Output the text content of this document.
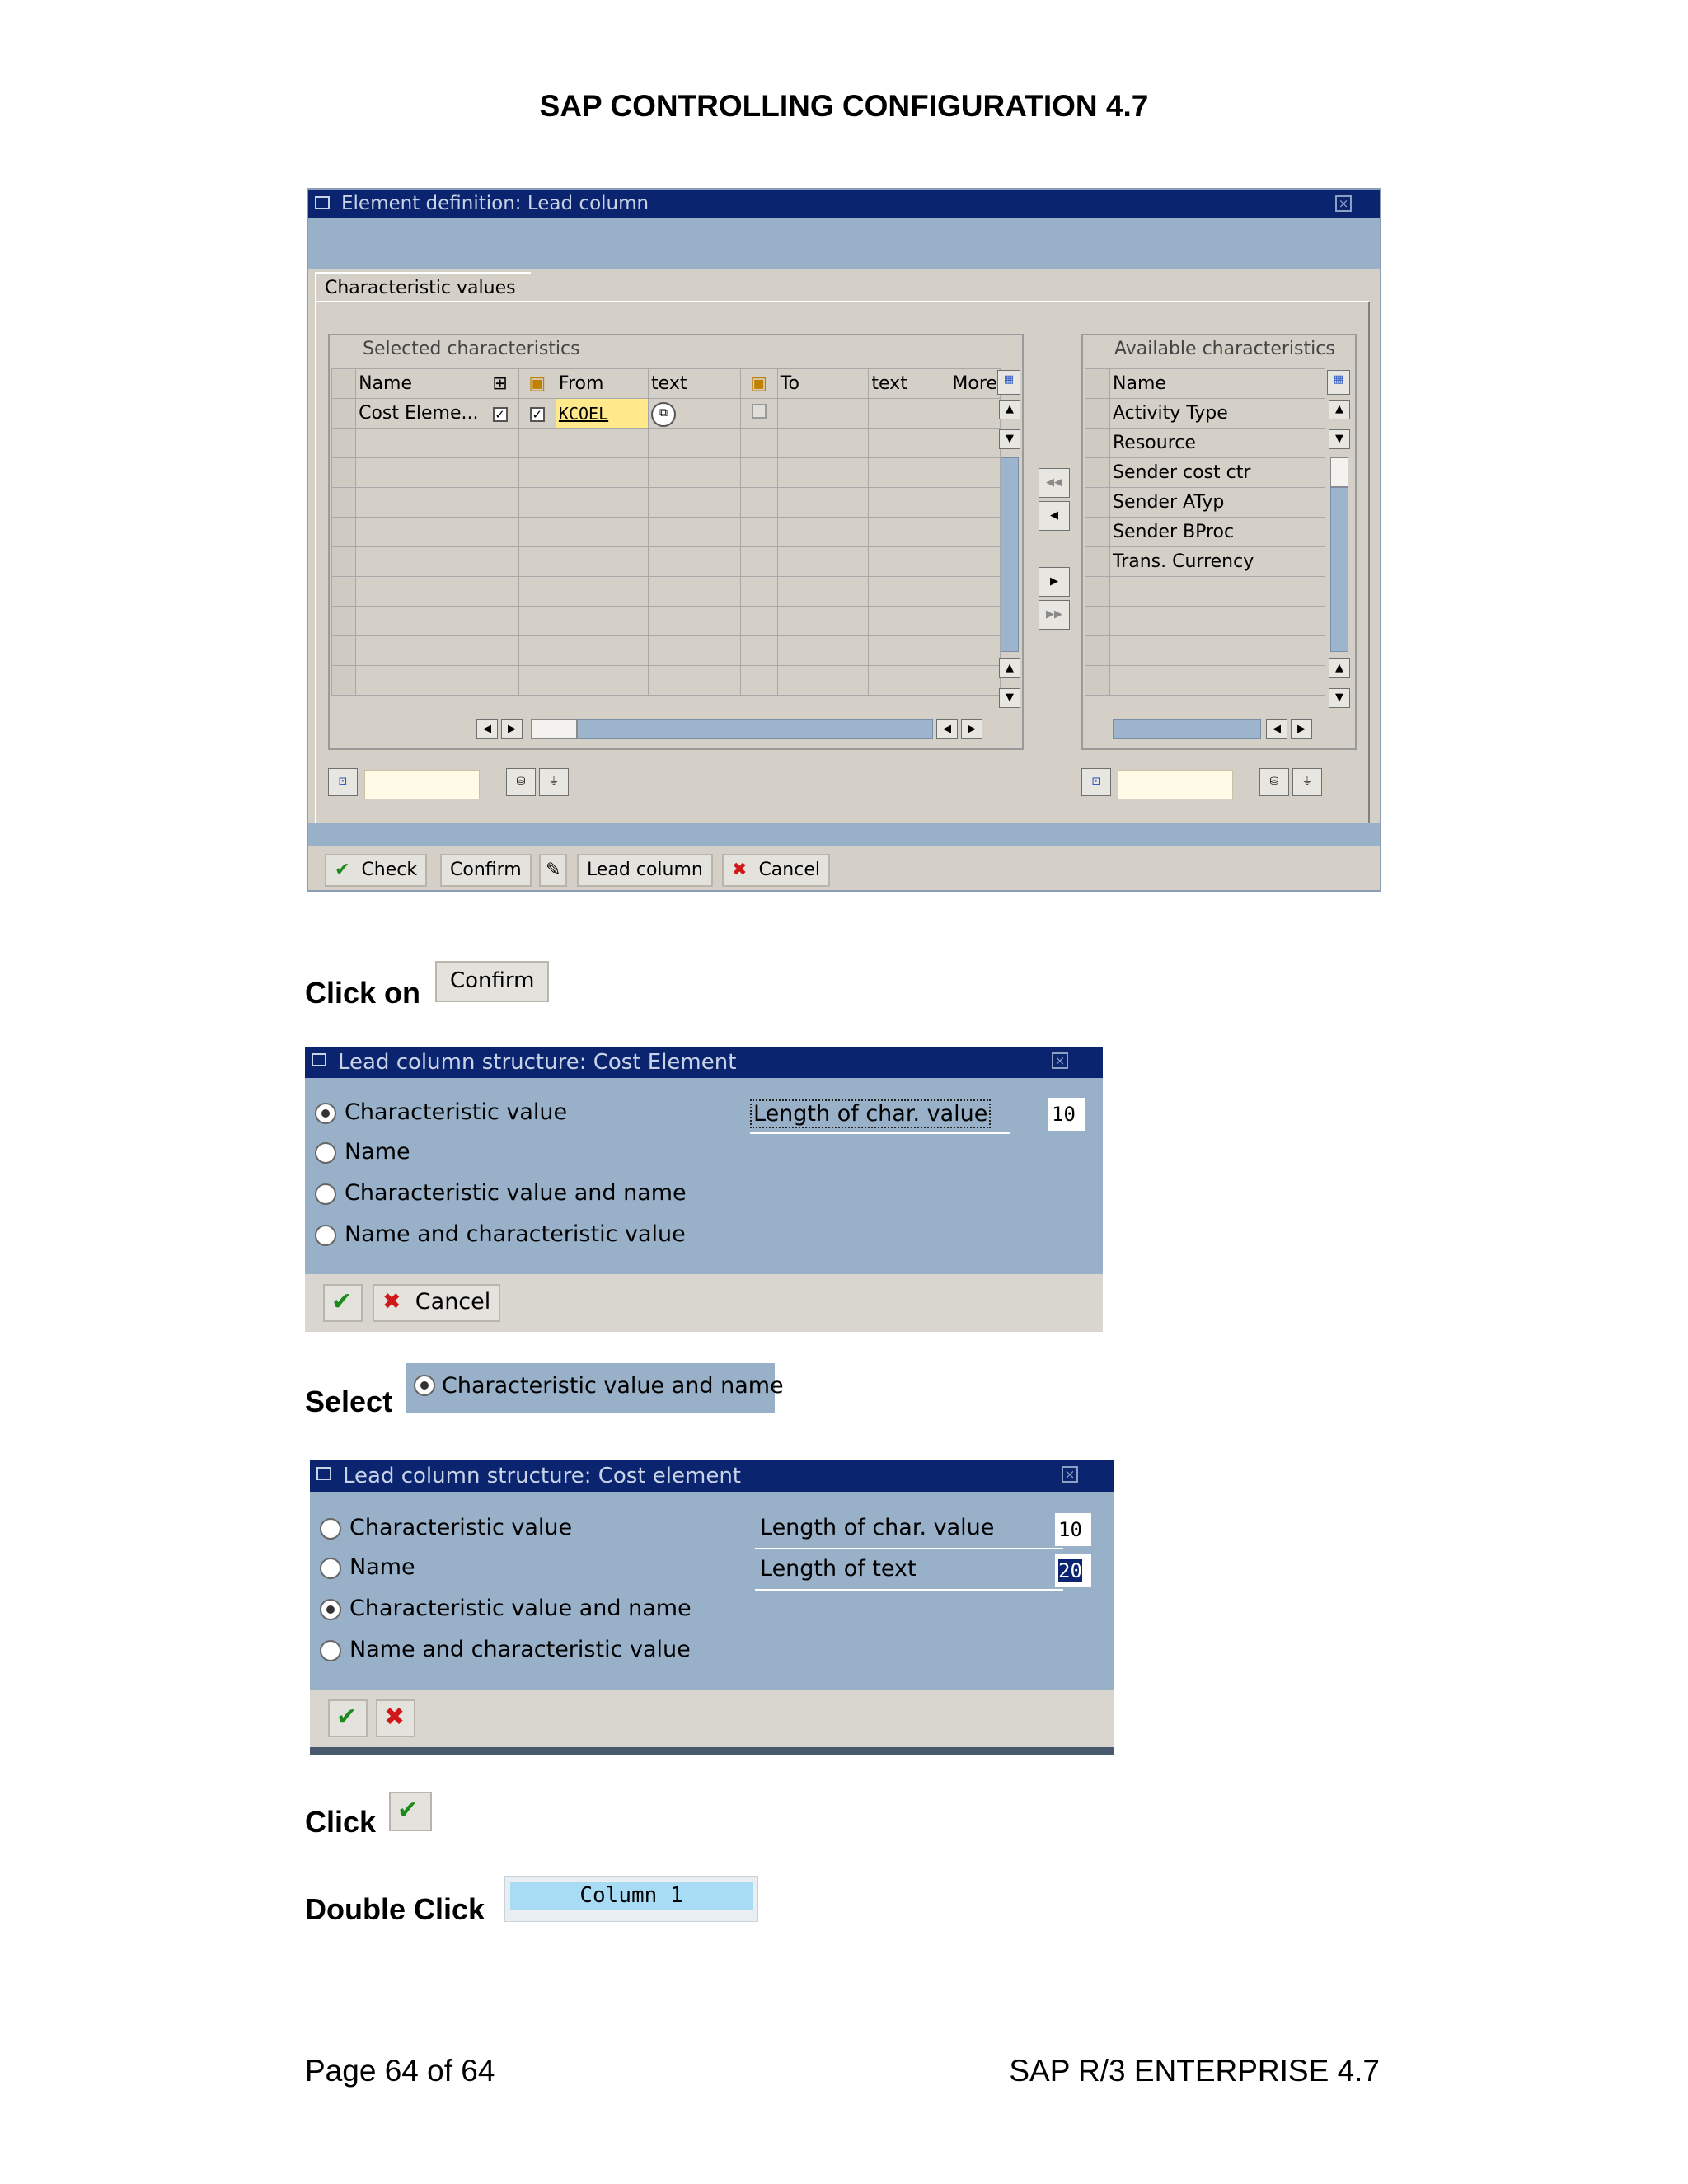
SAP CONTROLLING CONFIGURATION 4.7
Element definition: Lead column	×
Characteristic values
Selected characteristics
	Name	⊞	▣	From	text	▣	To	text	More
	Cost Eleme...	✓	✓	KCOEL	⧉				

▦
▲
▼
▲
▼
◀	▶	◀	▶
◀◀
◀
▶
▶▶
Available characteristics
	Name
	Activity Type
	Resource
	Sender cost ctr
	Sender ATyp
	Sender BProc
	Trans. Currency

▦
▲
▼
▲
▼
◀	▶
⊡	⛁	⏚	⊡	⛁	⏚
✔ Check	Confirm	✎	Lead column	✖ Cancel
Click on	Confirm
Lead column structure: Cost Element	×
Characteristic value
Name
Characteristic value and name
Name and characteristic value
Length of char. value	10
✔	✖ Cancel
Select Characteristic value and name
Lead column structure: Cost element	×
Characteristic value
Name
Characteristic value and name
Name and characteristic value
Length of char. value	10
Length of text	20
✔	✖
Click ✔
Double Click	Column 1
Page 64 of 64	SAP R/3 ENTERPRISE 4.7
